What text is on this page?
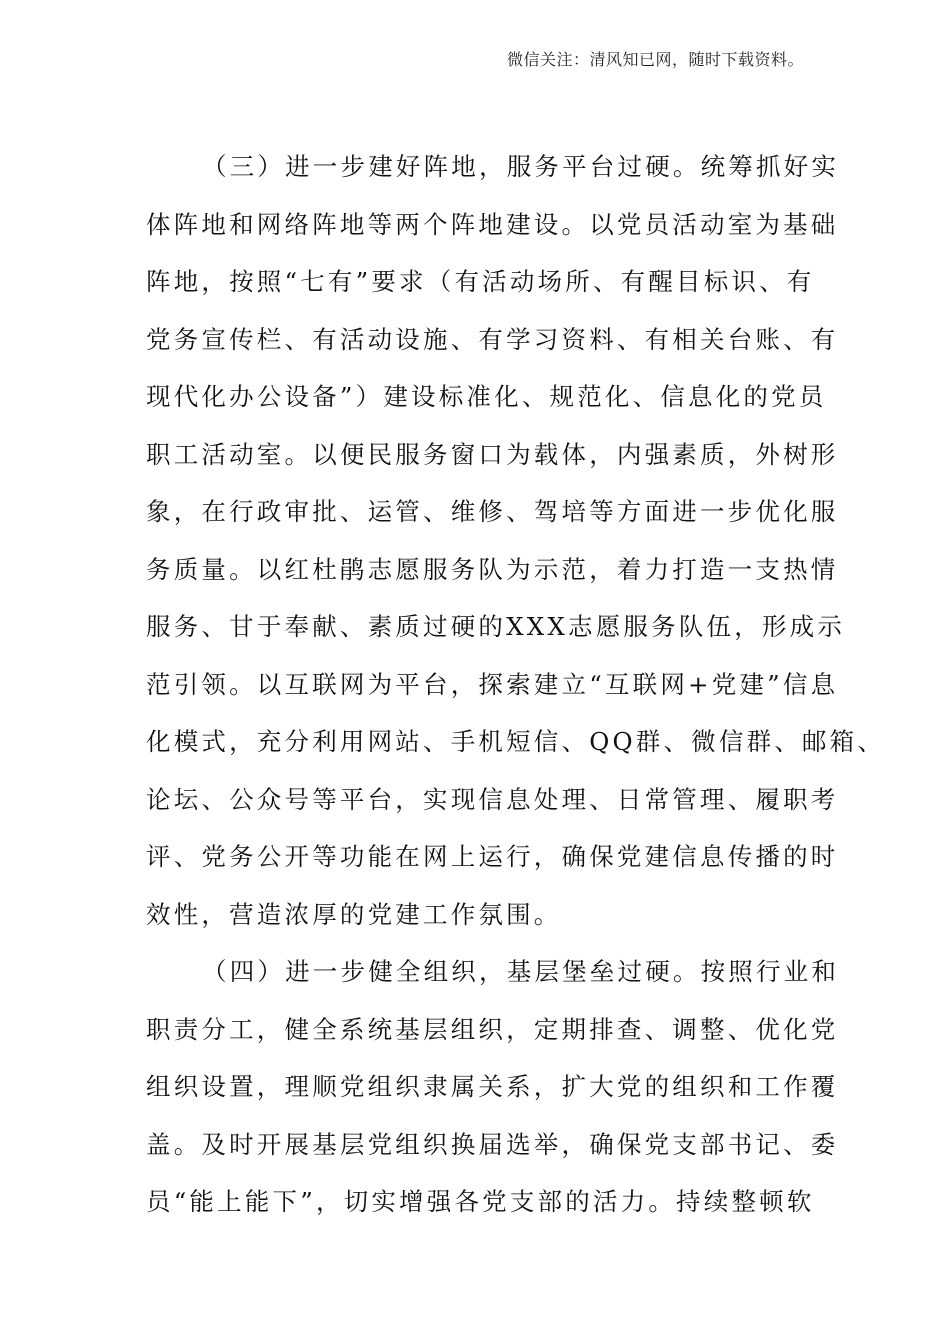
微信关注：清风知已网，随时下载资料。
（三）进一步建好阵地，服务平台过硬。统筹抓好实
体阵地和网络阵地等两个阵地建设。以党员活动室为基础
阵地，按照“七有”要求（有活动场所、有醒目标识、有
党务宣传栏、有活动设施、有学习资料、有相关台账、有
现代化办公设备”）建设标准化、规范化、信息化的党员
职工活动室。以便民服务窗口为载体，内强素质，外树形
象，在行政审批、运管、维修、驾培等方面进一步优化服
务质量。以红杜鹃志愿服务队为示范，着力打造一支热情
服务、甘于奉献、素质过硬的XXX志愿服务队伍，形成示
范引领。以互联网为平台，探索建立“互联网+党建”信息
化模式，充分利用网站、手机短信、QQ群、微信群、邮箱、
论坛、公众号等平台，实现信息处理、日常管理、履职考
评、党务公开等功能在网上运行，确保党建信息传播的时
效性，营造浓厚的党建工作氛围。
（四）进一步健全组织，基层堡垒过硬。按照行业和
职责分工，健全系统基层组织，定期排查、调整、优化党
组织设置，理顺党组织隶属关系，扩大党的组织和工作覆
盖。及时开展基层党组织换届选举，确保党支部书记、委
员“能上能下”，切实增强各党支部的活力。持续整顿软
